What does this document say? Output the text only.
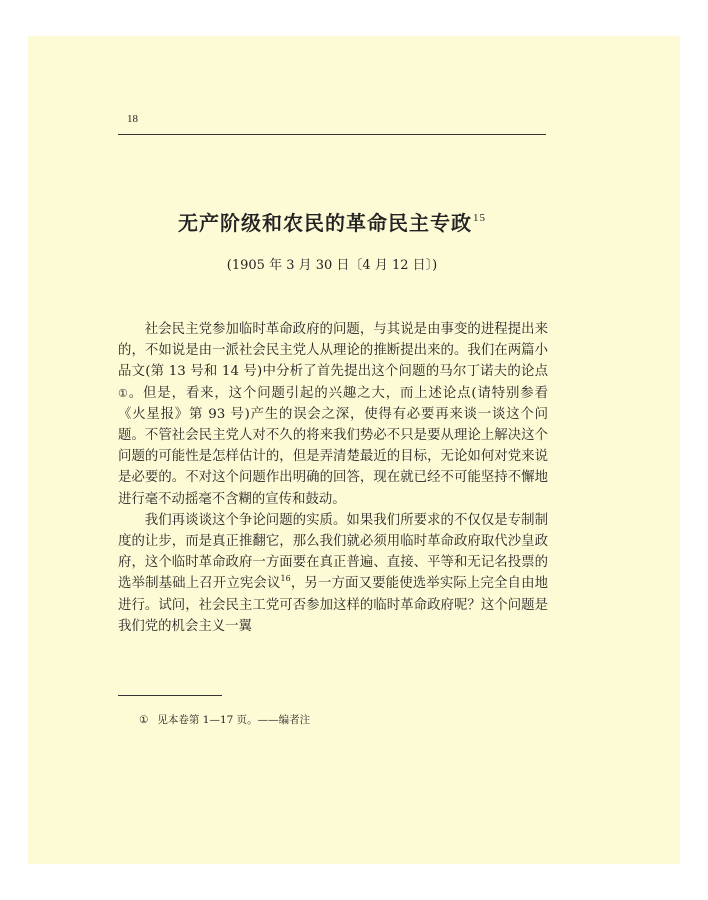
18
无产阶级和农民的革命民主专政$^{15}$
(1905 年 3 月 30 日〔4 月 12 日〕)

社会民主党参加临时革命政府的问题，与其说是由事变的进程提出来的，不如说是由一派社会民主党人从理论的推断提出来的。我们在两篇小品文(第 13 号和 14 号)中分析了首先提出这个问题的马尔丁诺夫的论点①。但是，看来，这个问题引起的兴趣之大，而上述论点(请特别参看《火星报》第 93 号)产生的误会之深，使得有必要再来谈一谈这个问题。不管社会民主党人对不久的将来我们势必不只是要从理论上解决这个问题的可能性是怎样估计的，但是弄清楚最近的目标，无论如何对党来说是必要的。不对这个问题作出明确的回答，现在就已经不可能坚持不懈地进行毫不动摇毫不含糊的宣传和鼓动。

我们再谈谈这个争论问题的实质。如果我们所要求的不仅仅是专制制度的让步，而是真正推翻它，那么我们就必须用临时革命政府取代沙皇政府，这个临时革命政府一方面要在真正普遍、直接、平等和无记名投票的选举制基础上召开立宪会议$^{16}$，另一方面又要能使选举实际上完全自由地进行。试问，社会民主工党可否参加这样的临时革命政府呢？这个问题是我们党的机会主义一翼

① 见本卷第 1—17 页。——编者注
